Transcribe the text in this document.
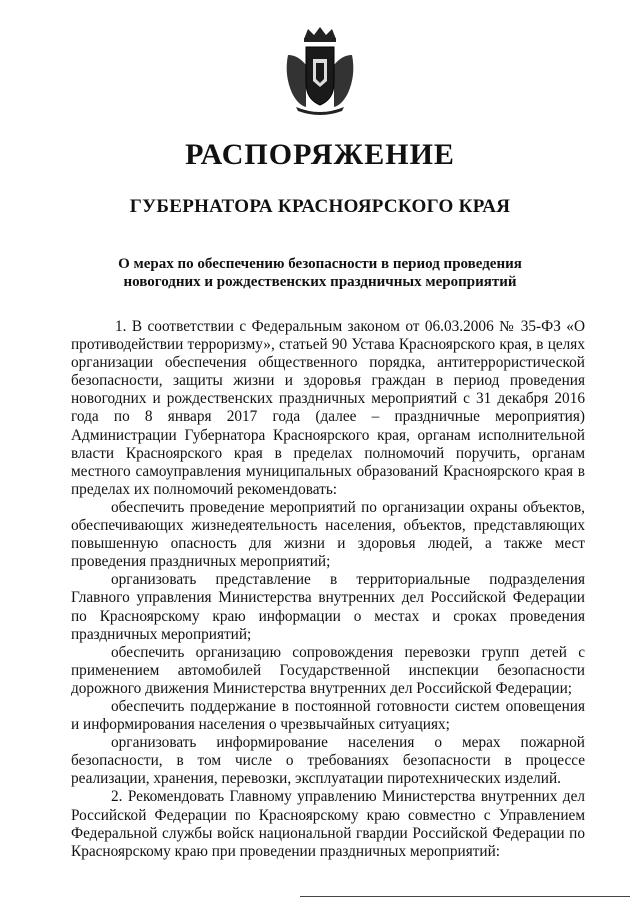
РАСПОРЯЖЕНИЕ
ГУБЕРНАТОРА КРАСНОЯРСКОГО КРАЯ
О мерах по обеспечению безопасности в период проведения
новогодних и рождественских праздничных мероприятий

1. В соответствии с Федеральным законом от 06.03.2006 № 35-ФЗ «О противодействии терроризму», статьей 90 Устава Красноярского края, в целях организации обеспечения общественного порядка, антитеррористической безопасности, защиты жизни и здоровья граждан в период проведения новогодних и рождественских праздничных мероприятий с 31 декабря 2016 года по 8 января 2017 года (далее – праздничные мероприятия) Администрации Губернатора Красноярского края, органам исполнительной власти Красноярского края в пределах полномочий поручить, органам местного самоуправления муниципальных образований Красноярского края в пределах их полномочий рекомендовать:

обеспечить проведение мероприятий по организации охраны объектов, обеспечивающих жизнедеятельность населения, объектов, представляющих повышенную опасность для жизни и здоровья людей, а также мест проведения праздничных мероприятий;

организовать представление в территориальные подразделения Главного управления Министерства внутренних дел Российской Федерации по Красноярскому краю информации о местах и сроках проведения праздничных мероприятий;

обеспечить организацию сопровождения перевозки групп детей с применением автомобилей Государственной инспекции безопасности дорожного движения Министерства внутренних дел Российской Федерации;

обеспечить поддержание в постоянной готовности систем оповещения и информирования населения о чрезвычайных ситуациях;

организовать информирование населения о мерах пожарной безопасности, в том числе о требованиях безопасности в процессе реализации, хранения, перевозки, эксплуатации пиротехнических изделий.

2. Рекомендовать Главному управлению Министерства внутренних дел Российской Федерации по Красноярскому краю совместно с Управлением Федеральной службы войск национальной гвардии Российской Федерации по Красноярскому краю при проведении праздничных мероприятий:
